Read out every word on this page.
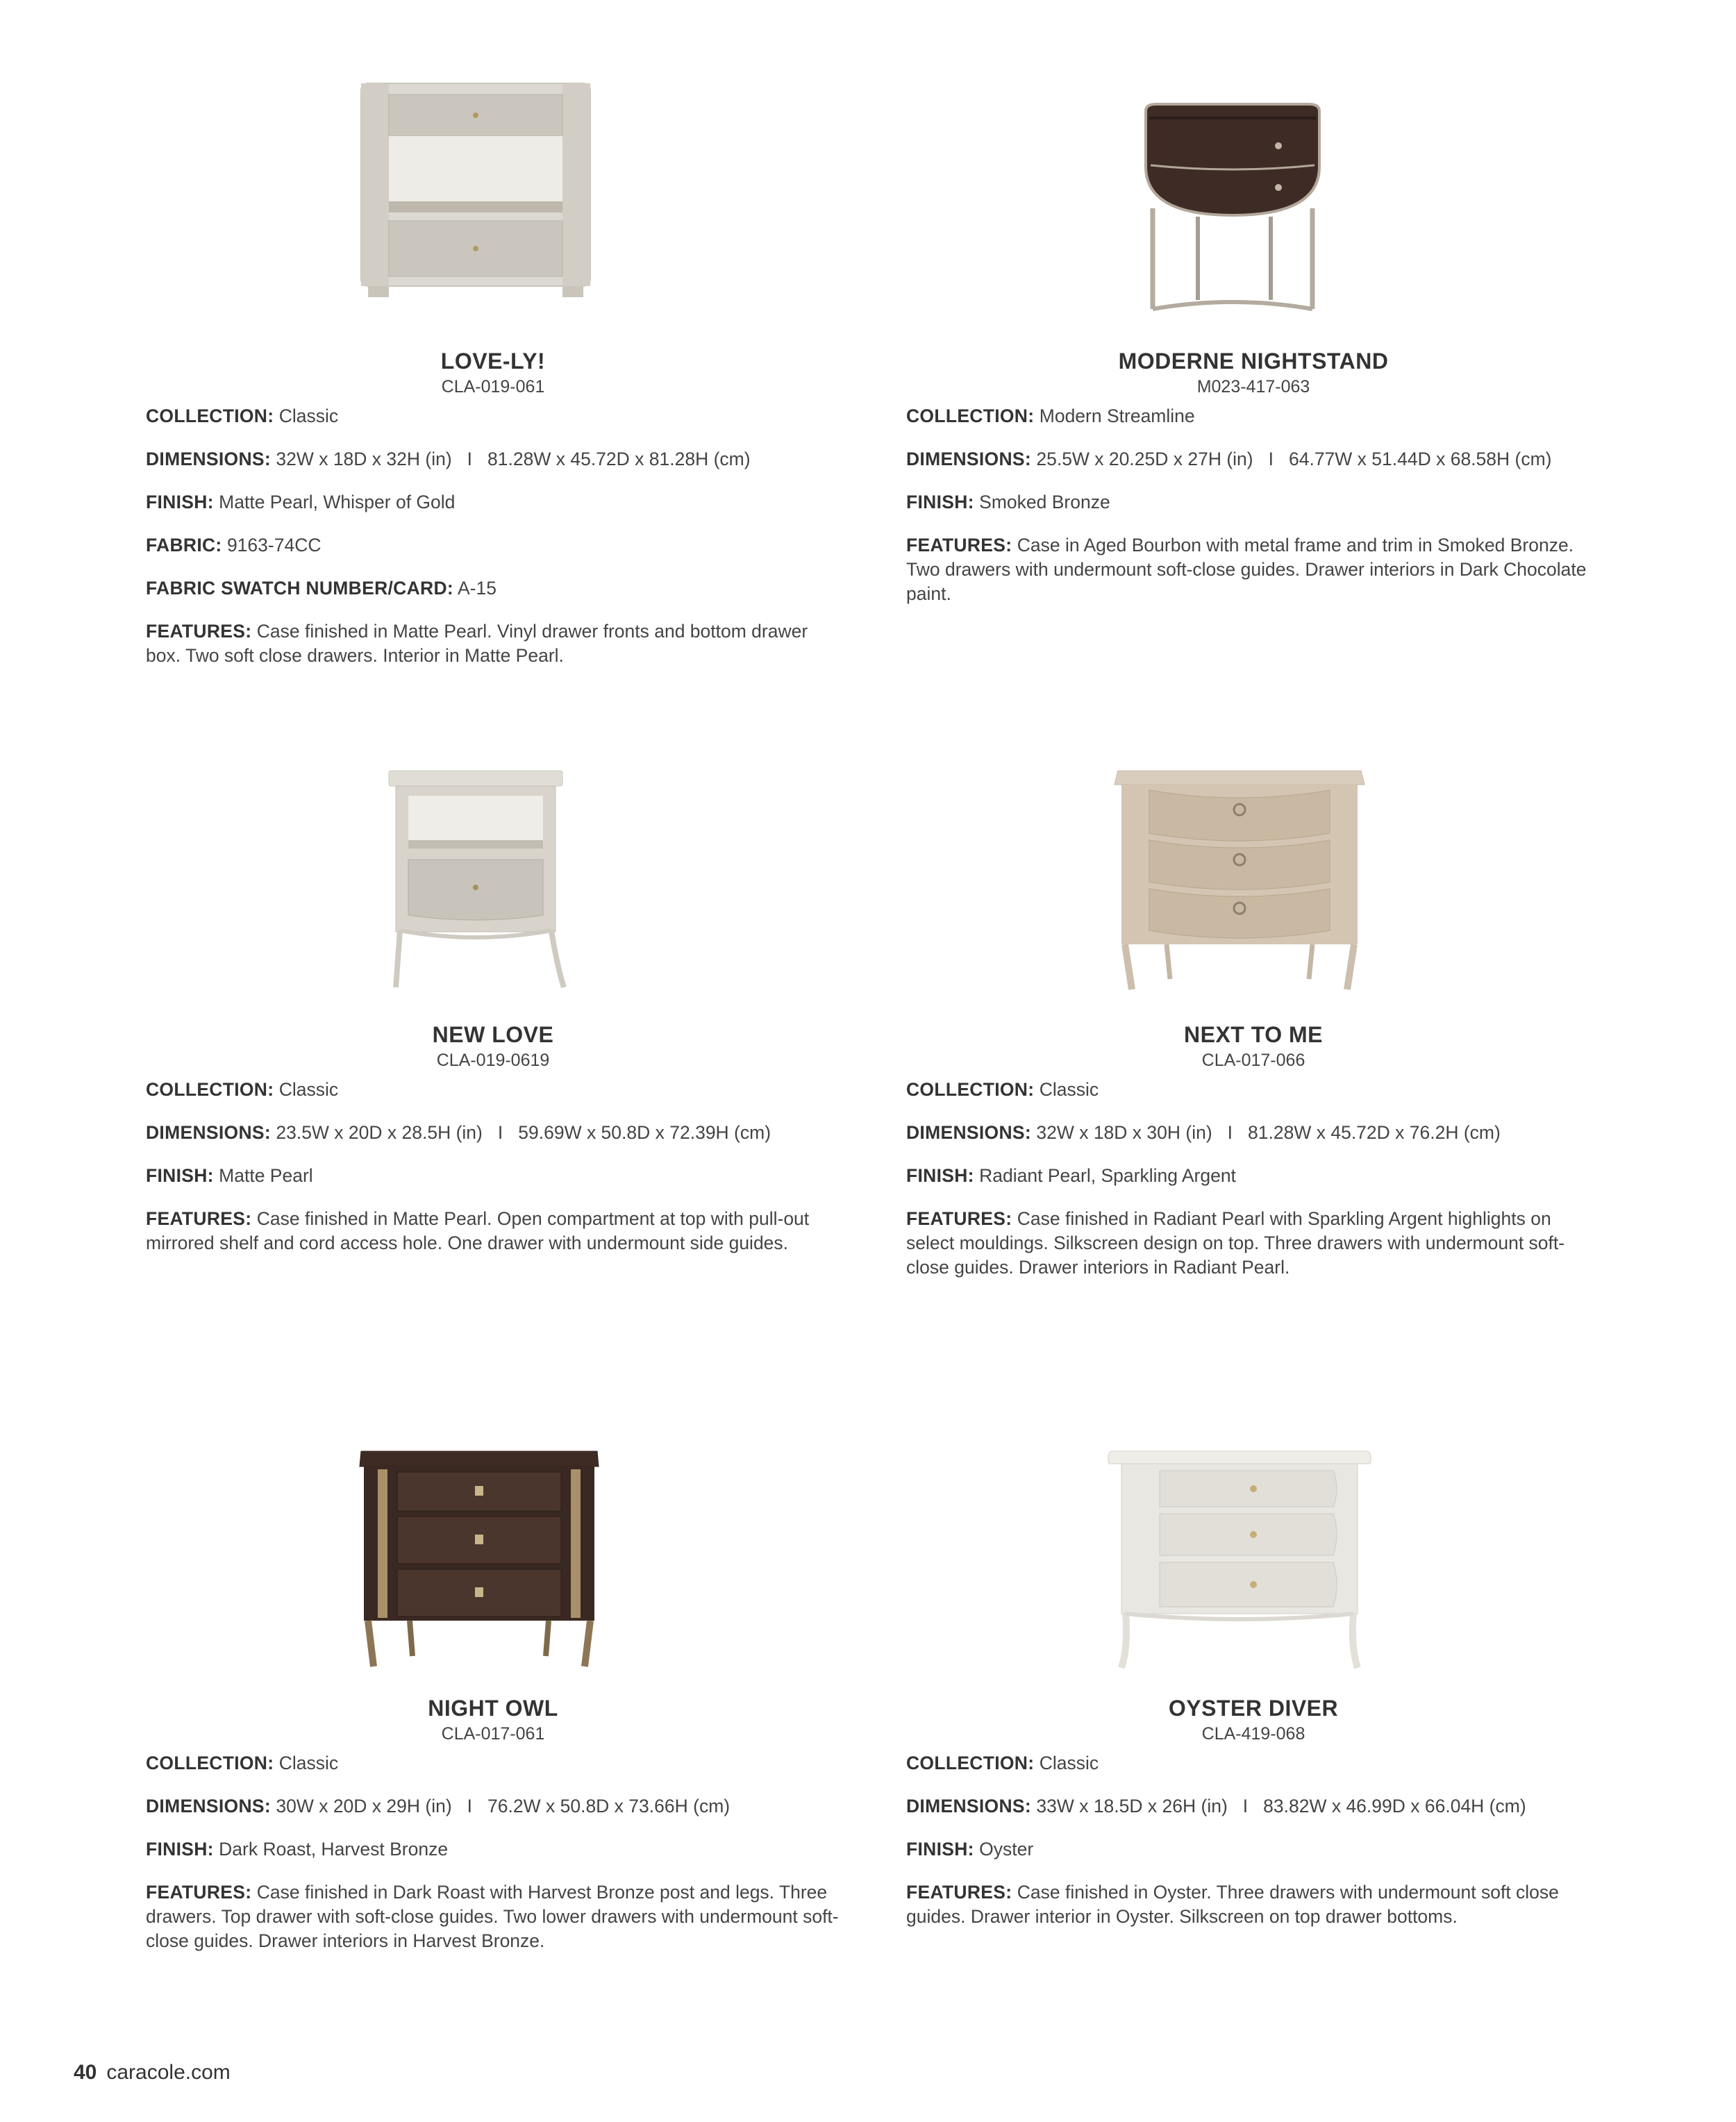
LOVE-LY!
CLA-019-061
COLLECTION: Classic
DIMENSIONS: 32W x 18D x 32H (in) I 81.28W x 45.72D x 81.28H (cm)
FINISH: Matte Pearl, Whisper of Gold
FABRIC: 9163-74CC
FABRIC SWATCH NUMBER/CARD: A-15
FEATURES: Case finished in Matte Pearl. Vinyl drawer fronts and bottom drawer box. Two soft close drawers. Interior in Matte Pearl.
MODERNE NIGHTSTAND
M023-417-063
COLLECTION: Modern Streamline
DIMENSIONS: 25.5W x 20.25D x 27H (in) I 64.77W x 51.44D x 68.58H (cm)
FINISH: Smoked Bronze
FEATURES: Case in Aged Bourbon with metal frame and trim in Smoked Bronze. Two drawers with undermount soft-close guides. Drawer interiors in Dark Chocolate paint.
NEW LOVE
CLA-019-0619
COLLECTION: Classic
DIMENSIONS: 23.5W x 20D x 28.5H (in) I 59.69W x 50.8D x 72.39H (cm)
FINISH: Matte Pearl
FEATURES: Case finished in Matte Pearl. Open compartment at top with pull-out mirrored shelf and cord access hole. One drawer with undermount side guides.
NEXT TO ME
CLA-017-066
COLLECTION: Classic
DIMENSIONS: 32W x 18D x 30H (in) I 81.28W x 45.72D x 76.2H (cm)
FINISH: Radiant Pearl, Sparkling Argent
FEATURES: Case finished in Radiant Pearl with Sparkling Argent highlights on select mouldings. Silkscreen design on top. Three drawers with undermount soft-close guides. Drawer interiors in Radiant Pearl.
NIGHT OWL
CLA-017-061
COLLECTION: Classic
DIMENSIONS: 30W x 20D x 29H (in) I 76.2W x 50.8D x 73.66H (cm)
FINISH: Dark Roast, Harvest Bronze
FEATURES: Case finished in Dark Roast with Harvest Bronze post and legs. Three drawers. Top drawer with soft-close guides. Two lower drawers with undermount soft-close guides. Drawer interiors in Harvest Bronze.
OYSTER DIVER
CLA-419-068
COLLECTION: Classic
DIMENSIONS: 33W x 18.5D x 26H (in) I 83.82W x 46.99D x 66.04H (cm)
FINISH: Oyster
FEATURES: Case finished in Oyster. Three drawers with undermount soft close guides. Drawer interior in Oyster. Silkscreen on top drawer bottoms.
40 caracole.com
